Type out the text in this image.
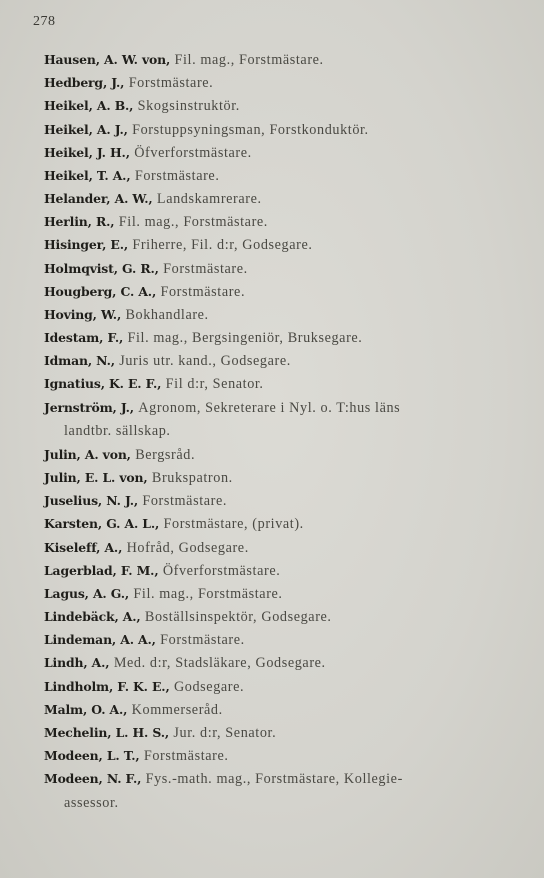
278
Hausen, A. W. von, Fil. mag., Forstmästare.
Hedberg, J., Forstmästare.
Heikel, A. B., Skogsinstruktör.
Heikel, A. J., Forstuppsyningsman, Forstkonduktör.
Heikel, J. H., Öfverforstmästare.
Heikel, T. A., Forstmästare.
Helander, A. W., Landskamrerare.
Herlin, R., Fil. mag., Forstmästare.
Hisinger, E., Friherre, Fil. d:r, Godsegare.
Holmqvist, G. R., Forstmästare.
Hougberg, C. A., Forstmästare.
Hoving, W., Bokhandlare.
Idestam, F., Fil. mag., Bergsingeniör, Bruksegare.
Idman, N., Juris utr. kand., Godsegare.
Ignatius, K. E. F., Fil d:r, Senator.
Jernström, J., Agronom, Sekreterare i Nyl. o. T:hus läns
landtbr. sällskap.
Julin, A. von, Bergsråd.
Julin, E. L. von, Brukspatron.
Juselius, N. J., Forstmästare.
Karsten, G. A. L., Forstmästare, (privat).
Kiseleff, A., Hofråd, Godsegare.
Lagerblad, F. M., Öfverforstmästare.
Lagus, A. G., Fil. mag., Forstmästare.
Lindebäck, A., Boställsinspektör, Godsegare.
Lindeman, A. A., Forstmästare.
Lindh, A., Med. d:r, Stadsläkare, Godsegare.
Lindholm, F. K. E., Godsegare.
Malm, O. A., Kommerseråd.
Mechelin, L. H. S., Jur. d:r, Senator.
Modeen, L. T., Forstmästare.
Modeen, N. F., Fys.-math. mag., Forstmästare, Kollegie-
assessor.
